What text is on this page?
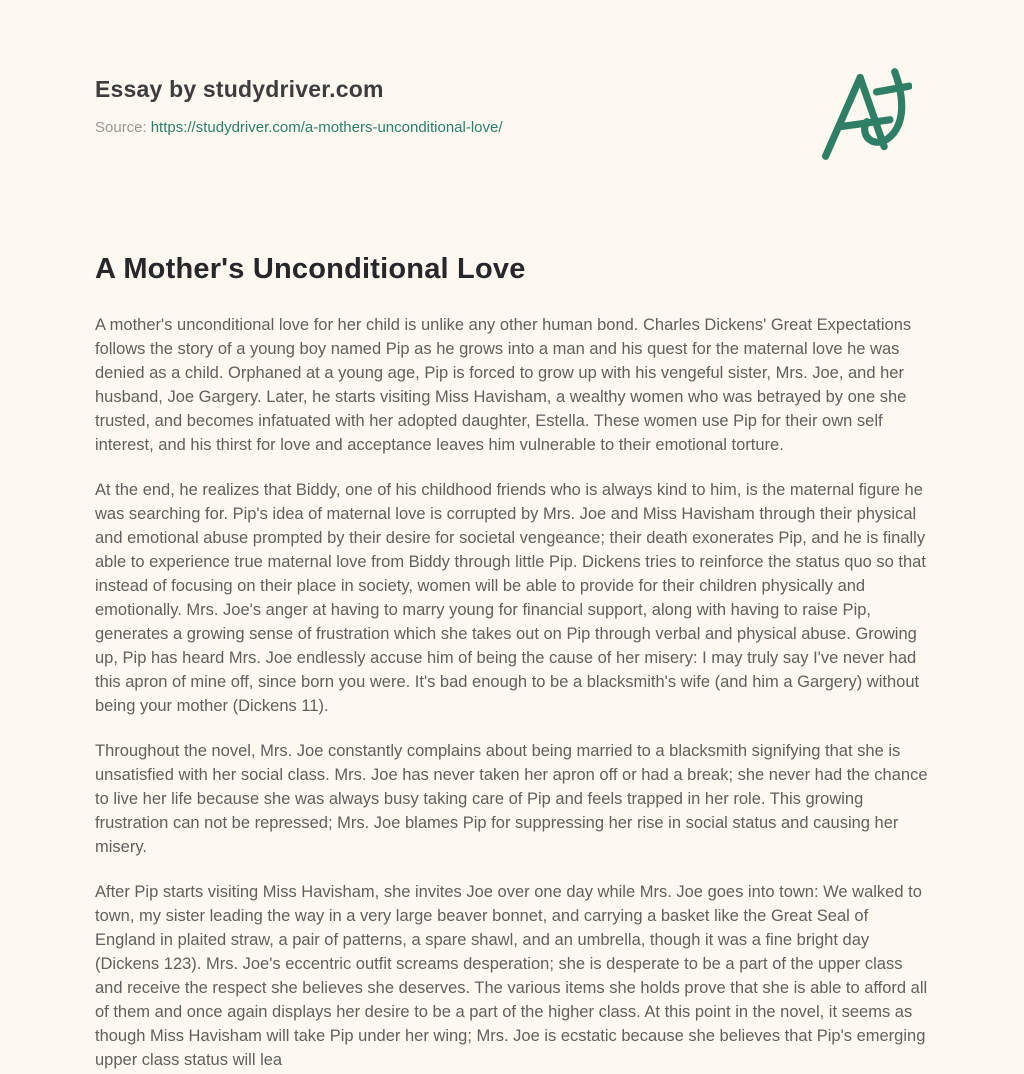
Essay by studydriver.com
Source: https://studydriver.com/a-mothers-unconditional-love/
A Mother's Unconditional Love

A mother's unconditional love for her child is unlike any other human bond. Charles Dickens' Great Expectations follows the story of a young boy named Pip as he grows into a man and his quest for the maternal love he was denied as a child. Orphaned at a young age, Pip is forced to grow up with his vengeful sister, Mrs. Joe, and her husband, Joe Gargery. Later, he starts visiting Miss Havisham, a wealthy women who was betrayed by one she trusted, and becomes infatuated with her adopted daughter, Estella. These women use Pip for their own self interest, and his thirst for love and acceptance leaves him vulnerable to their emotional torture.

At the end, he realizes that Biddy, one of his childhood friends who is always kind to him, is the maternal figure he was searching for. Pip's idea of maternal love is corrupted by Mrs. Joe and Miss Havisham through their physical and emotional abuse prompted by their desire for societal vengeance; their death exonerates Pip, and he is finally able to experience true maternal love from Biddy through little Pip. Dickens tries to reinforce the status quo so that instead of focusing on their place in society, women will be able to provide for their children physically and emotionally. Mrs. Joe's anger at having to marry young for financial support, along with having to raise Pip, generates a growing sense of frustration which she takes out on Pip through verbal and physical abuse. Growing up, Pip has heard Mrs. Joe endlessly accuse him of being the cause of her misery: I may truly say I've never had this apron of mine off, since born you were. It's bad enough to be a blacksmith's wife (and him a Gargery) without being your mother (Dickens 11).

Throughout the novel, Mrs. Joe constantly complains about being married to a blacksmith signifying that she is unsatisfied with her social class. Mrs. Joe has never taken her apron off or had a break; she never had the chance to live her life because she was always busy taking care of Pip and feels trapped in her role. This growing frustration can not be repressed; Mrs. Joe blames Pip for suppressing her rise in social status and causing her misery.

After Pip starts visiting Miss Havisham, she invites Joe over one day while Mrs. Joe goes into town: We walked to town, my sister leading the way in a very large beaver bonnet, and carrying a basket like the Great Seal of England in plaited straw, a pair of patterns, a spare shawl, and an umbrella, though it was a fine bright day (Dickens 123). Mrs. Joe's eccentric outfit screams desperation; she is desperate to be a part of the upper class and receive the respect she believes she deserves. The various items she holds prove that she is able to afford all of them and once again displays her desire to be a part of the higher class. At this point in the novel, it seems as though Miss Havisham will take Pip under her wing; Mrs. Joe is ecstatic because she believes that Pip's emerging upper class status will lea
